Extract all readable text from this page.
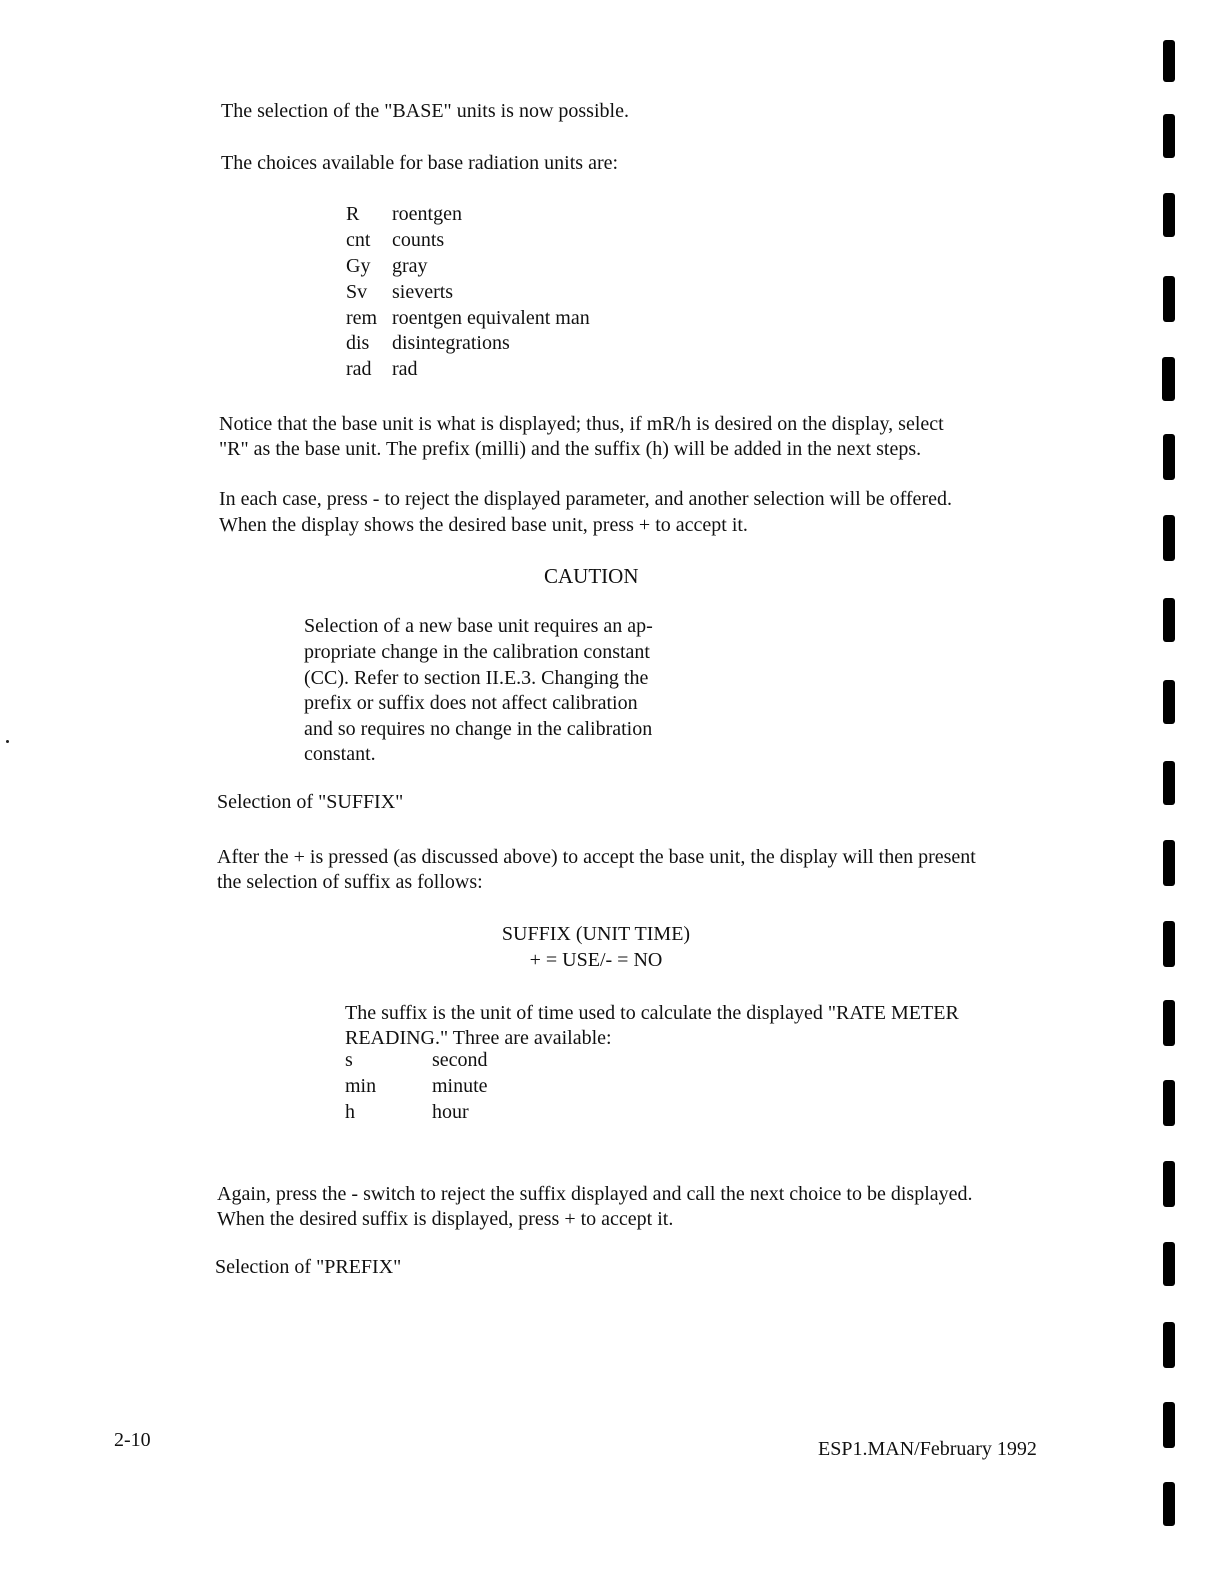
The selection of the "BASE" units is now possible.

The choices available for base radiation units are:

R roentgen
cnt counts
Gy gray
Sv sieverts
rem roentgen equivalent man
dis disintegrations
rad rad

Notice that the base unit is what is displayed; thus, if mR/h is desired on the display, select

"R" as the base unit. The prefix (milli) and the suffix (h) will be added in the next steps.

In each case, press - to reject the displayed parameter, and another selection will be offered.

When the display shows the desired base unit, press + to accept it.

CAUTION

Selection of a new base unit requires an ap-

propriate change in the calibration constant

(CC). Refer to section II.E.3. Changing the

prefix or suffix does not affect calibration

and so requires no change in the calibration

constant.

Selection of "SUFFIX"

After the + is pressed (as discussed above) to accept the base unit, the display will then present

the selection of suffix as follows:

SUFFIX (UNIT TIME)

+ = USE/- = NO

The suffix is the unit of time used to calculate the displayed "RATE METER

READING." Three are available:

s	second
min	minute
h	hour

Again, press the - switch to reject the suffix displayed and call the next choice to be displayed.

When the desired suffix is displayed, press + to accept it.

Selection of "PREFIX"

2-10	ESP1.MAN/February 1992
